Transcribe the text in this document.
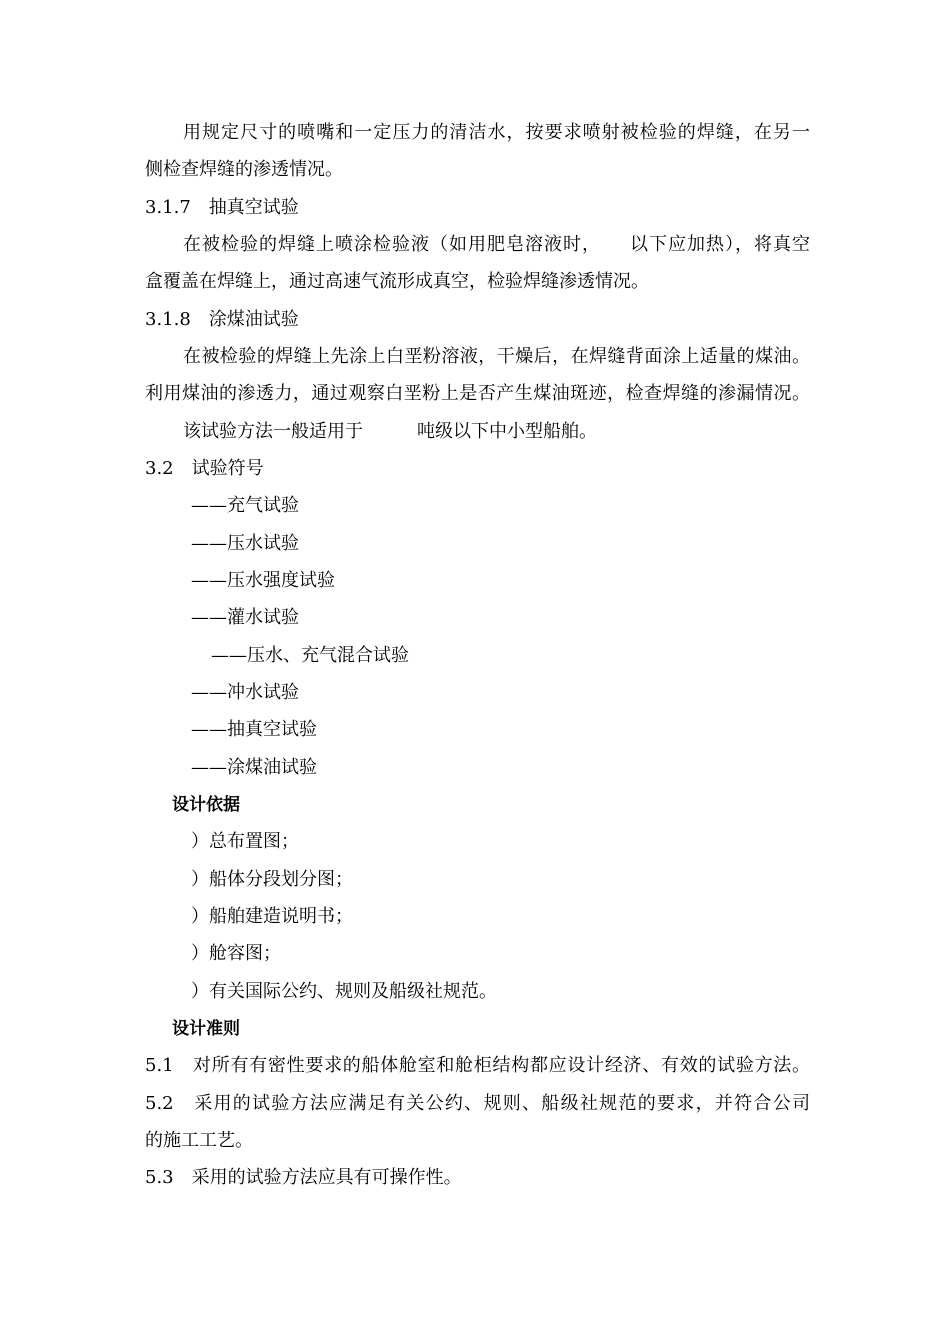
用规定尺寸的喷嘴和一定压力的清洁水，按要求喷射被检验的焊缝，在另一
侧检查焊缝的渗透情况。
3.1.7　抽真空试验
在被检验的焊缝上喷涂检验液（如用肥皂溶液时，　　以下应加热），将真空
盒覆盖在焊缝上，通过高速气流形成真空，检验焊缝渗透情况。
3.1.8　涂煤油试验
在被检验的焊缝上先涂上白垩粉溶液，干燥后，在焊缝背面涂上适量的煤油。
利用煤油的渗透力，通过观察白垩粉上是否产生煤油斑迹，检查焊缝的渗漏情况。
该试验方法一般适用于　　　吨级以下中小型船舶。
3.2　试验符号
——充气试验
——压水试验
——压水强度试验
——灌水试验
——压水、充气混合试验
——冲水试验
——抽真空试验
——涂煤油试验
设计依据
）总布置图；
）船体分段划分图；
）船舶建造说明书；
）舱容图；
）有关国际公约、规则及船级社规范。
设计准则
5.1　对所有有密性要求的船体舱室和舱柜结构都应设计经济、有效的试验方法。
5.2　采用的试验方法应满足有关公约、规则、船级社规范的要求，并符合公司
的施工工艺。
5.3　采用的试验方法应具有可操作性。
